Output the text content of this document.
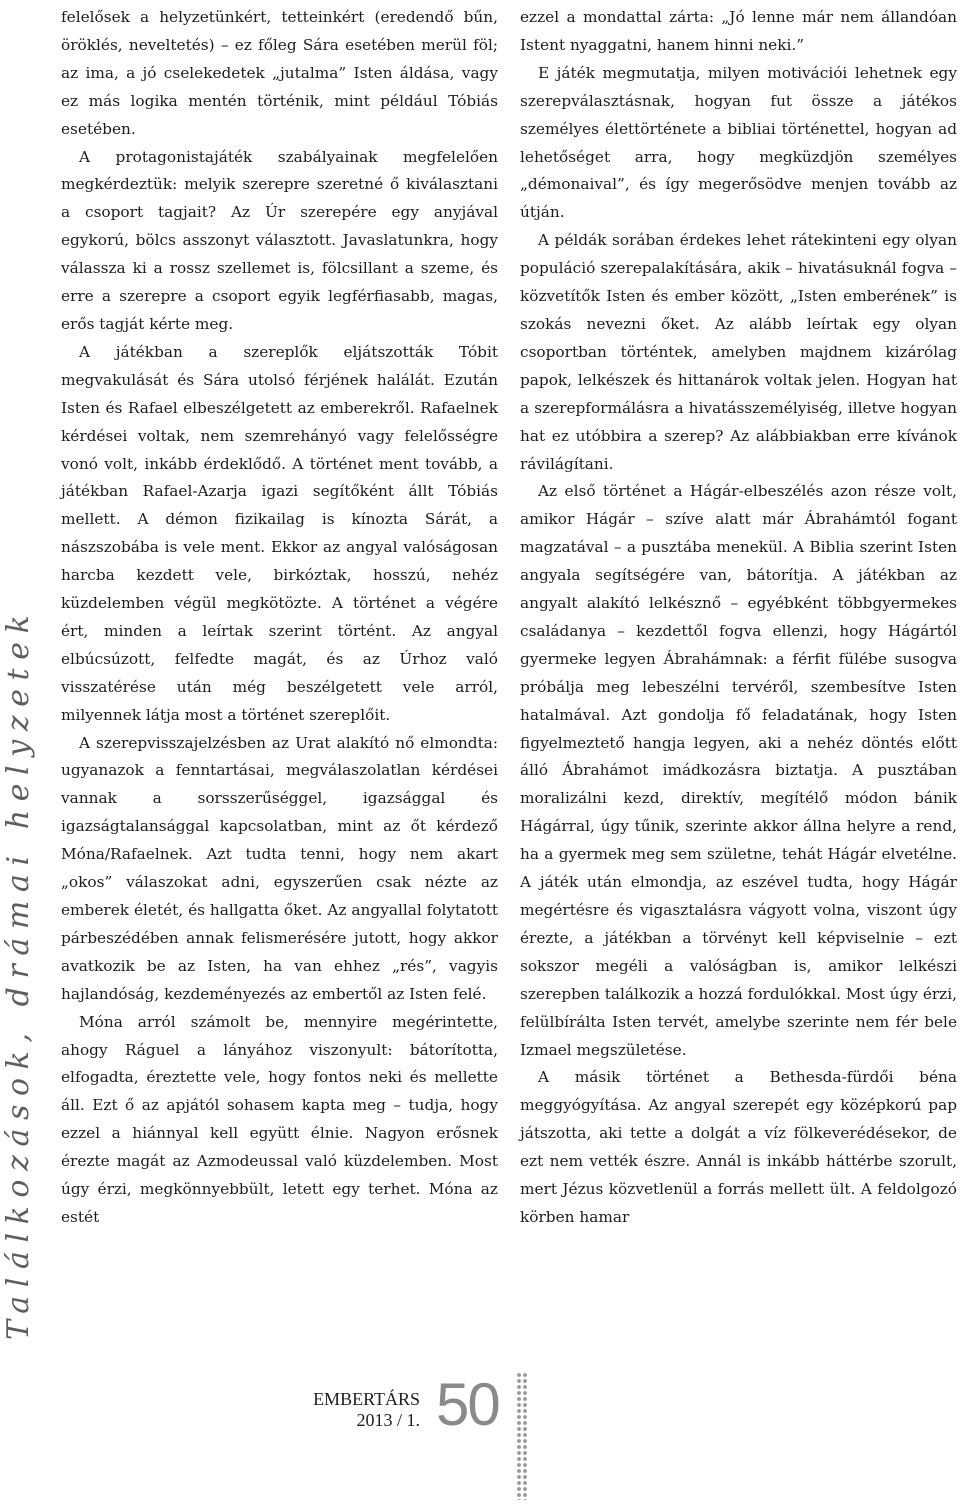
Találkozások, drámai helyzetek

felelősek a helyzetünkért, tetteinkért (eredendő bűn, öröklés, neveltetés) – ez főleg Sára esetében merül föl; az ima, a jó cselekedetek „jutalma” Isten áldása, vagy ez más logika mentén történik, mint például Tóbiás esetében.

A protagonistajáték szabályainak megfelelően megkérdeztük: melyik szerepre szeretné ő kiválasztani a csoport tagjait? Az Úr szerepére egy anyjával egykorú, bölcs asszonyt választott. Javaslatunkra, hogy válassza ki a rossz szellemet is, fölcsillant a szeme, és erre a szerepre a csoport egyik legférfiasabb, magas, erős tagját kérte meg.

A játékban a szereplők eljátszották Tóbit megvakulását és Sára utolsó férjének halálát. Ezután Isten és Rafael elbeszélgetett az emberekről. Rafaelnek kérdései voltak, nem szemrehányó vagy felelősségre vonó volt, inkább érdeklődő. A történet ment tovább, a játékban Rafael-Azarja igazi segítőként állt Tóbiás mellett. A démon fizikailag is kínozta Sárát, a nászszobába is vele ment. Ekkor az angyal valóságosan harcba kezdett vele, birkóztak, hosszú, nehéz küzdelemben végül megkötözte. A történet a végére ért, minden a leírtak szerint történt. Az angyal elbúcsúzott, felfedte magát, és az Úrhoz való visszatérése után még beszélgetett vele arról, milyennek látja most a történet szereplőit.

A szerepvisszajelzésben az Urat alakító nő elmondta: ugyanazok a fenntartásai, megválaszolatlan kérdései vannak a sorsszerűséggel, igazsággal és igazságtalansággal kapcsolatban, mint az őt kérdező Móna/Rafaelnek. Azt tudta tenni, hogy nem akart „okos” válaszokat adni, egyszerűen csak nézte az emberek életét, és hallgatta őket. Az angyallal folytatott párbeszédében annak felismerésére jutott, hogy akkor avatkozik be az Isten, ha van ehhez „rés”, vagyis hajlandóság, kezdeményezés az embertől az Isten felé.

Móna arról számolt be, mennyire megérintette, ahogy Ráguel a lányához viszonyult: bátorította, elfogadta, éreztette vele, hogy fontos neki és mellette áll. Ezt ő az apjától sohasem kapta meg – tudja, hogy ezzel a hiánnyal kell együtt élnie. Nagyon erősnek érezte magát az Azmodeussal való küzdelemben. Most úgy érzi, megkönnyebbült, letett egy terhet. Móna az estét

ezzel a mondattal zárta: „Jó lenne már nem állandóan Istent nyaggatni, hanem hinni neki.”

E játék megmutatja, milyen motivációi lehetnek egy szerepválasztásnak, hogyan fut össze a játékos személyes élettörténete a bibliai történettel, hogyan ad lehetőséget arra, hogy megküzdjön személyes „démonaival”, és így megerősödve menjen tovább az útján.

A példák sorában érdekes lehet rátekinteni egy olyan populáció szerepalakítására, akik – hivatásuknál fogva – közvetítők Isten és ember között, „Isten emberének” is szokás nevezni őket. Az alább leírtak egy olyan csoportban történtek, amelyben majdnem kizárólag papok, lelkészek és hittanárok voltak jelen. Hogyan hat a szerepformálásra a hivatásszemélyiség, illetve hogyan hat ez utóbbira a szerep? Az alábbiakban erre kívánok rávilágítani.

Az első történet a Hágár-elbeszélés azon része volt, amikor Hágár – szíve alatt már Ábrahámtól fogant magzatával – a pusztába menekül. A Biblia szerint Isten angyala segítségére van, bátorítja. A játékban az angyalt alakító lelkésznő – egyébként többgyermekes családanya – kezdettől fogva ellenzi, hogy Hágártól gyermeke legyen Ábrahámnak: a férfit fülébe susogva próbálja meg lebeszélni tervéről, szembesítve Isten hatalmával. Azt gondolja fő feladatának, hogy Isten figyelmeztető hangja legyen, aki a nehéz döntés előtt álló Ábrahámot imádkozásra biztatja. A pusztában moralizálni kezd, direktív, megítélő módon bánik Hágárral, úgy tűnik, szerinte akkor állna helyre a rend, ha a gyermek meg sem születne, tehát Hágár elvetélne. A játék után elmondja, az eszével tudta, hogy Hágár megértésre és vigasztalásra vágyott volna, viszont úgy érezte, a játékban a törvényt kell képviselnie – ezt sokszor megéli a valóságban is, amikor lelkészi szerepben találkozik a hozzá fordulókkal. Most úgy érzi, felülbírálta Isten tervét, amelybe szerinte nem fér bele Izmael megszületése.

A másik történet a Bethesda-fürdői béna meggyógyítása. Az angyal szerepét egy középkorú pap játszotta, aki tette a dolgát a víz fölkeverédésekor, de ezt nem vették észre. Annál is inkább háttérbe szorult, mert Jézus közvetlenül a forrás mellett ült. A feldolgozó körben hamar

EMBERTÁRS
2013 / 1. 50
